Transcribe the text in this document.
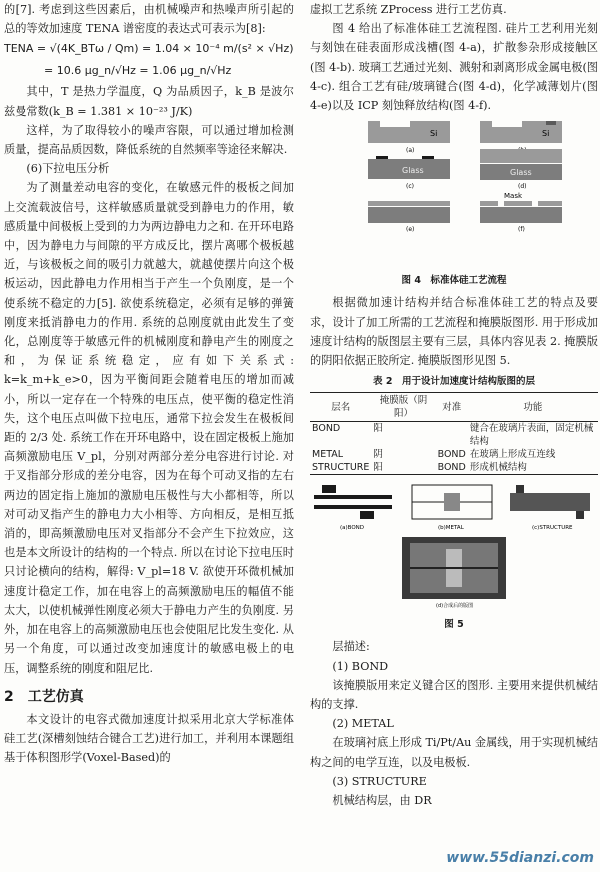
的[7]. 考虑到这些因素后，由机械噪声和热噪声所引起的总的等效加速度 TENA 谱密度的表达式可表示为[8]:

TENA = √(4K_BTω / Qm) = 1.04 × 10⁻⁴ m/(s² × √Hz)
= 10.6 μg_n/√Hz = 1.06 μg_n/√Hz

其中，T 是热力学温度，Q 为品质因子，k_B 是波尔兹曼常数(k_B = 1.381 × 10⁻²³ J/K)

这样，为了取得较小的噪声容限，可以通过增加检测质量，提高品质因数，降低系统的自然频率等途径来解决.

(6)下拉电压分析

为了测量差动电容的变化，在敏感元件的极板之间加上交流载波信号，这样敏感质量就受到静电力的作用，敏感质量中间极板上受到的力为两边静电力之和. 在开环电路中，因为静电力与间隙的平方成反比，摆片离哪个极板越近，与该极板之间的吸引力就越大，就越使摆片向这个极板运动，因此静电力作用相当于产生一个负刚度，是一个使系统不稳定的力[5]. 欲使系统稳定，必须有足够的弹簧刚度来抵消静电力的作用. 系统的总刚度就由此发生了变化，总刚度等于敏感元件的机械刚度和静电产生的刚度之和，为保证系统稳定，应有如下关系式: k=k_m+k_e>0，因为平衡间距会随着电压的增加而减小，所以一定存在一个特殊的电压点，使平衡的稳定性消失，这个电压点叫做下拉电压，通常下拉会发生在极板间距的 2/3 处. 系统工作在开环电路中，设在固定极板上施加高频激励电压 V_pl，分别对两部分差分电容进行讨论. 对于叉指部分形成的差分电容，因为在每个可动叉指的左右两边的固定指上施加的激励电压极性与大小都相等，所以对可动叉指产生的静电力大小相等、方向相反，是相互抵消的，即高频激励电压对叉指部分不会产生下拉效应，这也是本文所设计的结构的一个特点. 所以在讨论下拉电压时只讨论横向的结构，解得: V_pl=18 V. 欲使开环微机械加速度计稳定工作，加在电容上的高频激励电压的幅值不能太大，以使机械弹性刚度必须大于静电力产生的负刚度. 另外，加在电容上的高频激励电压也会使阻尼比发生变化. 从另一个角度，可以通过改变加速度计的敏感电极上的电压，调整系统的刚度和阻尼比.

2　工艺仿真

本文设计的电容式微加速度计拟采用北京大学标准体硅工艺(深槽刻蚀结合键合工艺)进行加工，并利用本课题组基于体积图形学(Voxel-Based)的

虚拟工艺系统 ZProcess 进行工艺仿真.

图 4 给出了标准体硅工艺流程图. 硅片工艺利用光刻与刻蚀在硅表面形成浅槽(图 4-a)，扩散参杂形成接触区(图 4-b). 玻璃工艺通过光刻、溅射和剥离形成金属电极(图 4-c). 组合工艺有硅/玻璃键合(图 4-d)，化学减薄划片(图 4-e)以及 ICP 刻蚀释放结构(图 4-f).

Si
(a)
Si
Glass
(c)
Glass
(d)
(e)
Mask
(f)
图 4　标准体硅工艺流程

根据微加速计结构并结合标准体硅工艺的特点及要求，设计了加工所需的工艺流程和掩膜版图形. 用于形成加速度计结构的版图层主要有三层，具体内容见表 2. 掩膜版的阴阳依据正胶所定. 掩膜版图形见图 5.

表 2　用于设计加速度计结构版图的层
层名	掩膜版（阴阳）	对准	功能
BOND	阳		键合在玻璃片表面，固定机械结构
METAL	阴	BOND	在玻璃上形成互连线
STRUCTURE	阳	BOND	形成机械结构
(a)BOND	(b)METAL	(c)STRUCTURE
(d)合成后的版图
图 5

层描述:

(1) BOND

该掩膜版用来定义键合区的图形. 主要用来提供机械结构的支撑.

(2) METAL

在玻璃衬底上形成 Ti/Pt/Au 金属线，用于实现机械结构之间的电学互连，以及电极板.

(3) STRUCTURE

机械结构层，由 DR

www.55dianzi.com
